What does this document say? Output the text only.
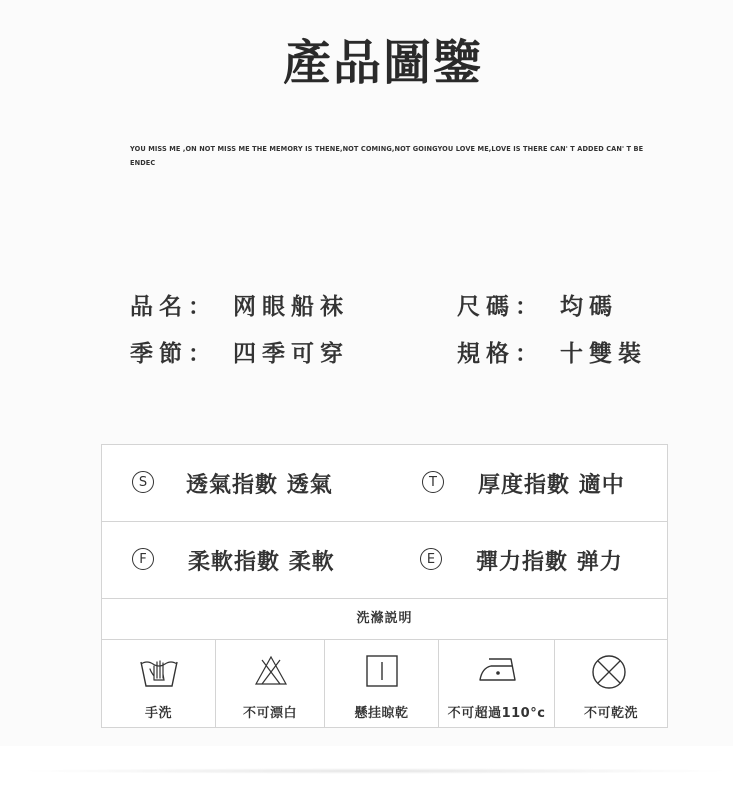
產品圖鑒
YOU MISS ME ,ON NOT MISS ME THE MEMORY IS THENE,NOT COMING,NOT GOINGYOU LOVE ME,LOVE IS THERE CAN' T ADDED CAN' T BE ENDEC
品名： 网眼船袜	尺碼： 均碼
季節： 四季可穿	規格： 十雙裝
S	透氣指數 透氣	T	厚度指數 適中

F	柔軟指數 柔軟	E	彈力指數 弹力

洗滌説明

手洗	不可漂白	懸挂晾乾	不可超過110°c	不可乾洗
